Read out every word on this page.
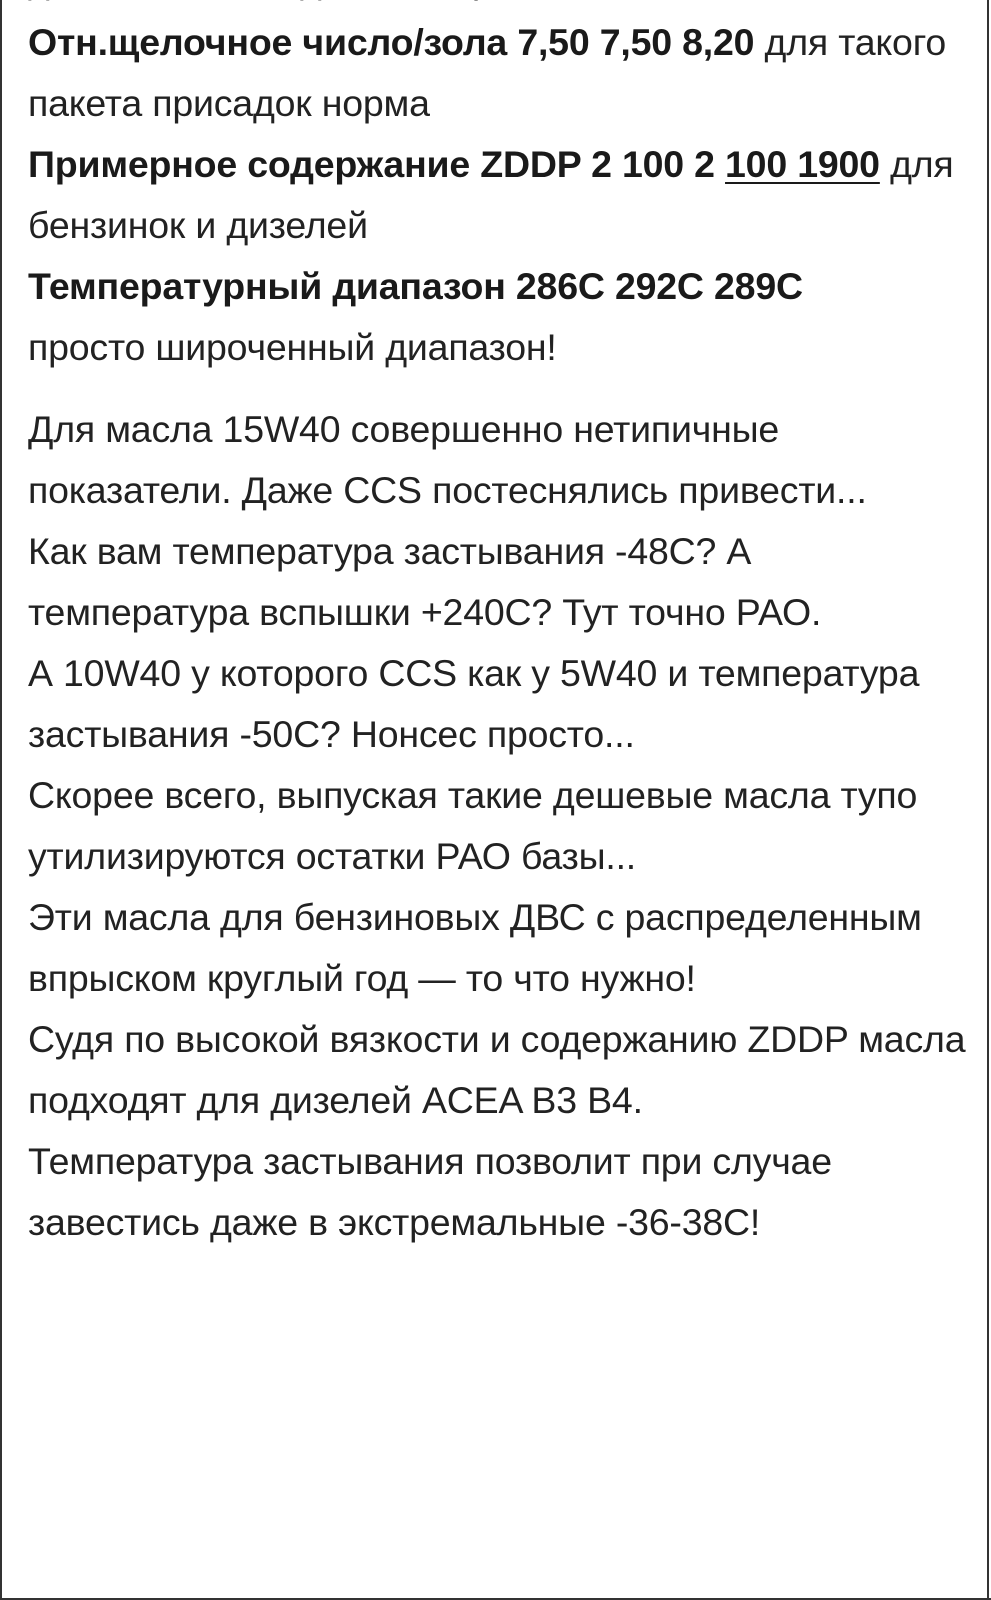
Отн.щелочное число/зола 7,50 7,50 8,20 для такого пакета присадок норма

Примерное содержание ZDDP 2 100 2 100 1900 для бензинок и дизелей

Температурный диапазон 286C 292C 289C
просто широченный диапазон!

Для масла 15W40 совершенно нетипичные показатели. Даже CCS постеснялись привести...

Как вам температура застывания -48С? А температура вспышки +240С? Тут точно РАО.

А 10W40 у которого CCS как у 5W40 и температура застывания -50С? Нонсес просто...

Скорее всего, выпуская такие дешевые масла тупо утилизируются остатки РАО базы...

Эти масла для бензиновых ДВС с распределенным впрыском круглый год — то что нужно!

Судя по высокой вязкости и содержанию ZDDP масла подходят для дизелей ACEA B3 B4.

Температура застывания позволит при случае завестись даже в экстремальные -36-38С!
